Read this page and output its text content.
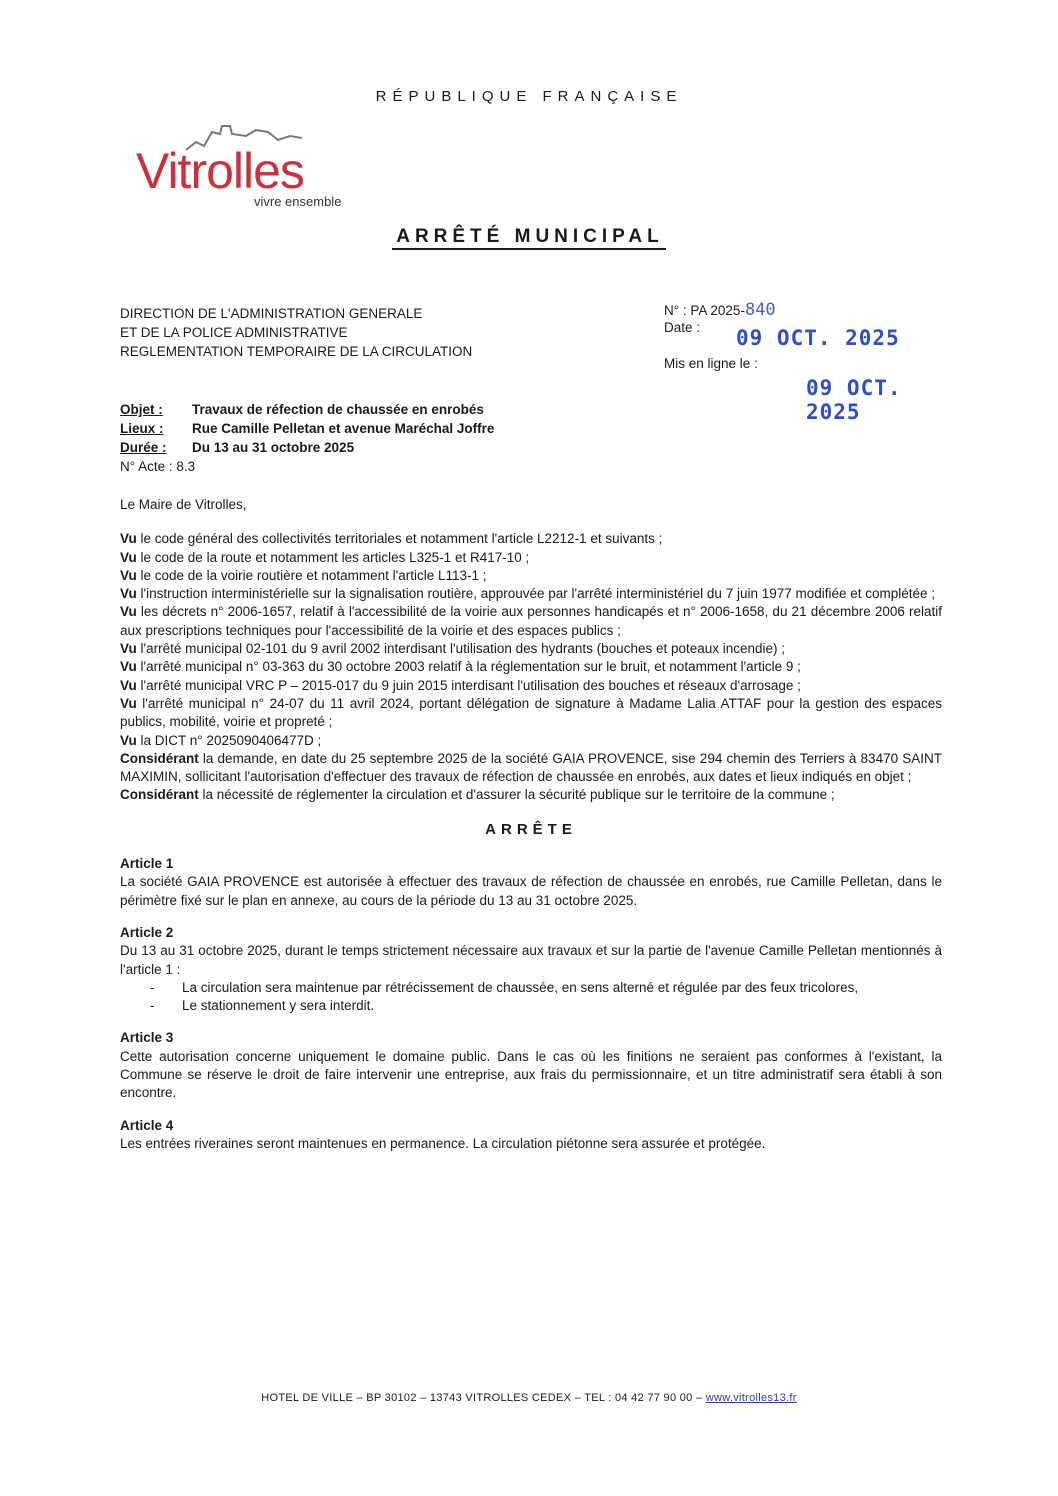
RÉPUBLIQUE FRANÇAISE
Vitrolles
vivre ensemble
ARRÊTÉ MUNICIPAL
DIRECTION DE L'ADMINISTRATION GENERALE
ET DE LA POLICE ADMINISTRATIVE
REGLEMENTATION TEMPORAIRE DE LA CIRCULATION
N° : PA 2025-840
Date : 09 OCT. 2025
Mis en ligne le :
09 OCT. 2025
Objet : Travaux de réfection de chaussée en enrobés
Lieux : Rue Camille Pelletan et avenue Maréchal Joffre
Durée : Du 13 au 31 octobre 2025
N° Acte : 8.3

Le Maire de Vitrolles,

Vu le code général des collectivités territoriales et notamment l'article L2212-1 et suivants ;

Vu le code de la route et notamment les articles L325-1 et R417-10 ;

Vu le code de la voirie routière et notamment l'article L113-1 ;

Vu l'instruction interministérielle sur la signalisation routière, approuvée par l'arrêté interministériel du 7 juin 1977 modifiée et complétée ;

Vu les décrets n° 2006-1657, relatif à l'accessibilité de la voirie aux personnes handicapés et n° 2006-1658, du 21 décembre 2006 relatif aux prescriptions techniques pour l'accessibilité de la voirie et des espaces publics ;

Vu l'arrêté municipal 02-101 du 9 avril 2002 interdisant l'utilisation des hydrants (bouches et poteaux incendie) ;

Vu l'arrêté municipal n° 03-363 du 30 octobre 2003 relatif à la réglementation sur le bruit, et notamment l'article 9 ;

Vu l'arrêté municipal VRC P – 2015-017 du 9 juin 2015 interdisant l'utilisation des bouches et réseaux d'arrosage ;

Vu l'arrêté municipal n° 24-07 du 11 avril 2024, portant délégation de signature à Madame Lalia ATTAF pour la gestion des espaces publics, mobilité, voirie et propreté ;

Vu la DICT n° 2025090406477D ;

Considérant la demande, en date du 25 septembre 2025 de la société GAIA PROVENCE, sise 294 chemin des Terriers à 83470 SAINT MAXIMIN, sollicitant l'autorisation d'effectuer des travaux de réfection de chaussée en enrobés, aux dates et lieux indiqués en objet ;

Considérant la nécessité de réglementer la circulation et d'assurer la sécurité publique sur le territoire de la commune ;

ARRÊTE

Article 1

La société GAIA PROVENCE est autorisée à effectuer des travaux de réfection de chaussée en enrobés, rue Camille Pelletan, dans le périmètre fixé sur le plan en annexe, au cours de la période du 13 au 31 octobre 2025.

Article 2

Du 13 au 31 octobre 2025, durant le temps strictement nécessaire aux travaux et sur la partie de l'avenue Camille Pelletan mentionnés à l'article 1 :

- La circulation sera maintenue par rétrécissement de chaussée, en sens alterné et régulée par des feux tricolores,
- Le stationnement y sera interdit.

Article 3

Cette autorisation concerne uniquement le domaine public. Dans le cas où les finitions ne seraient pas conformes à l'existant, la Commune se réserve le droit de faire intervenir une entreprise, aux frais du permissionnaire, et un titre administratif sera établi à son encontre.

Article 4

Les entrées riveraines seront maintenues en permanence. La circulation piétonne sera assurée et protégée.

HOTEL DE VILLE – BP 30102 – 13743 VITROLLES CEDEX – TEL : 04 42 77 90 00 – www.vitrolles13.fr
